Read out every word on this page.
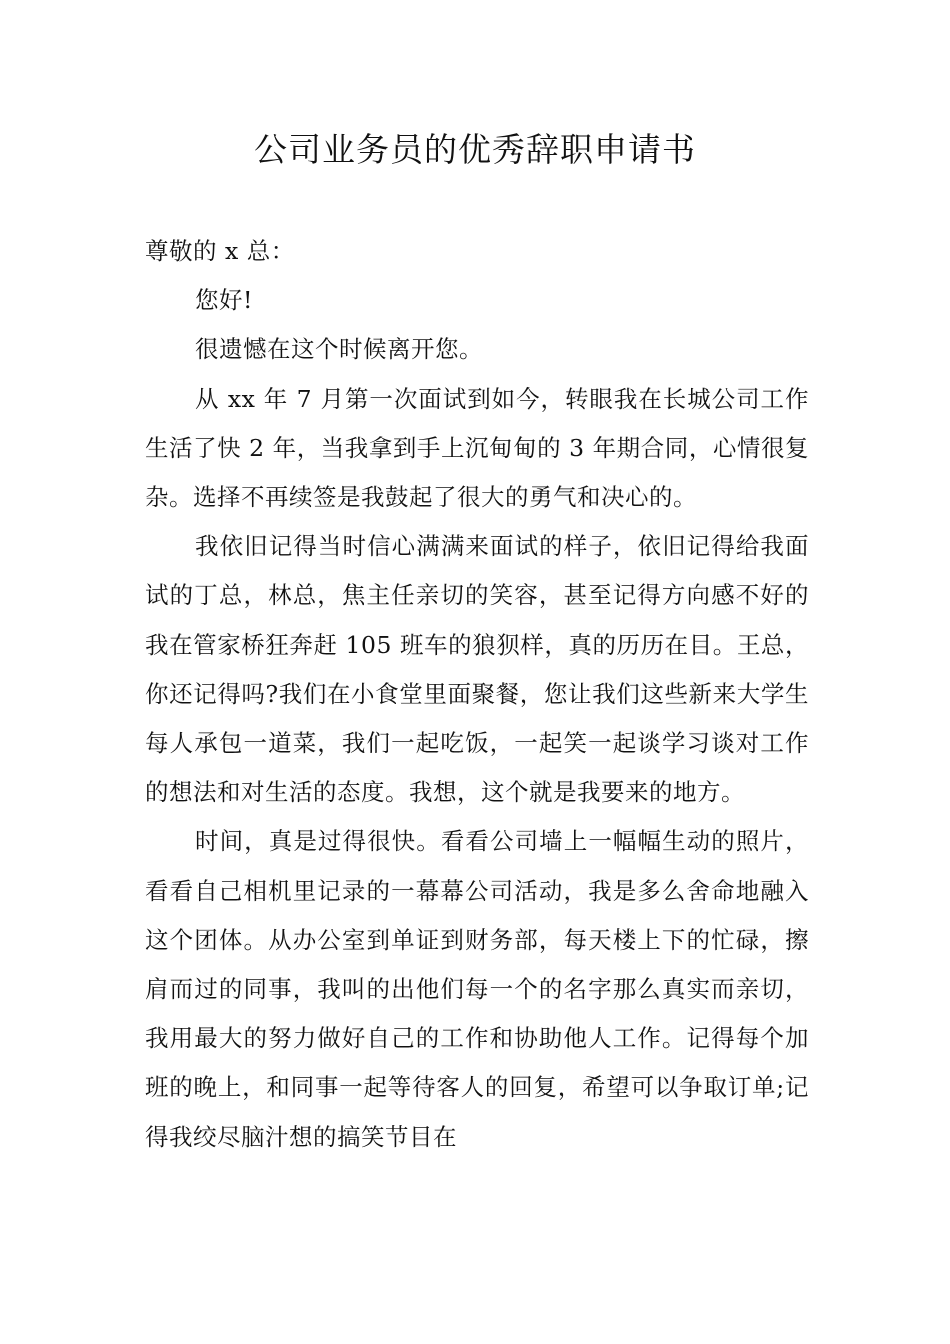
公司业务员的优秀辞职申请书

尊敬的 x 总：

您好!

很遗憾在这个时候离开您。

从 xx 年 7 月第一次面试到如今，转眼我在长城公司工作生活了快 2 年，当我拿到手上沉甸甸的 3 年期合同，心情很复杂。选择不再续签是我鼓起了很大的勇气和决心的。

我依旧记得当时信心满满来面试的样子，依旧记得给我面试的丁总，林总，焦主任亲切的笑容，甚至记得方向感不好的我在管家桥狂奔赶 105 班车的狼狈样，真的历历在目。王总，你还记得吗?我们在小食堂里面聚餐，您让我们这些新来大学生每人承包一道菜，我们一起吃饭，一起笑一起谈学习谈对工作的想法和对生活的态度。我想，这个就是我要来的地方。

时间，真是过得很快。看看公司墙上一幅幅生动的照片，看看自己相机里记录的一幕幕公司活动，我是多么舍命地融入这个团体。从办公室到单证到财务部，每天楼上下的忙碌，擦肩而过的同事，我叫的出他们每一个的名字那么真实而亲切，我用最大的努力做好自己的工作和协助他人工作。记得每个加班的晚上，和同事一起等待客人的回复，希望可以争取订单;记得我绞尽脑汁想的搞笑节目在
